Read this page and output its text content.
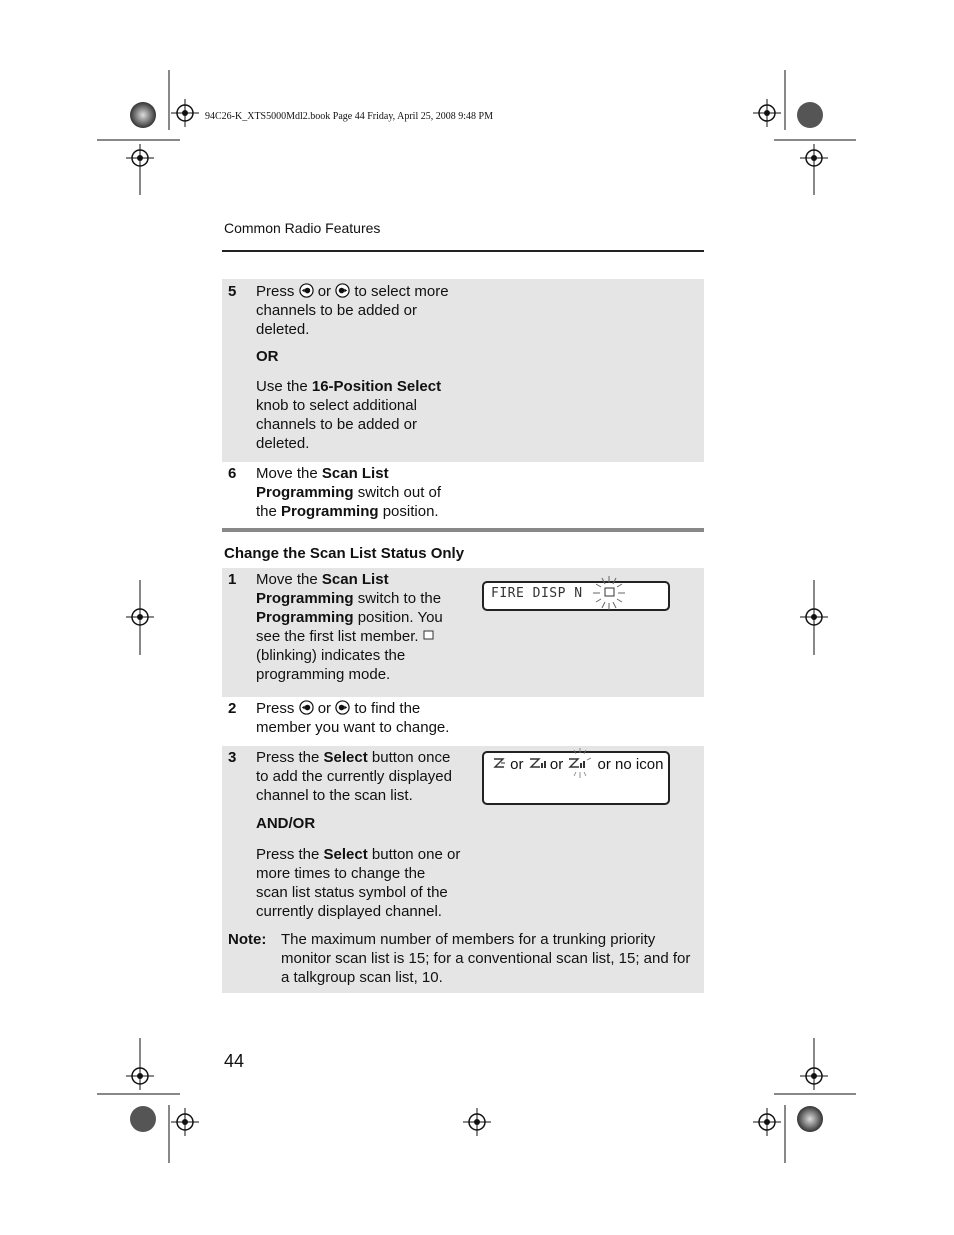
94C26-K_XTS5000Mdl2.book Page 44 Friday, April 25, 2008 9:48 PM
Common Radio Features
5 Press or to select more channels to be added or deleted.

OR

Use the 16-Position Select knob to select additional channels to be added or deleted.

6 Move the Scan List Programming switch out of the Programming position.

Change the Scan List Status Only
1 Move the Scan List Programming switch to the Programming position. You see the first list member.  (blinking) indicates the programming mode.

FIRE DISP N
2 Press or to find the member you want to change.

3 Press the Select button once to add the currently displayed channel to the scan list.

AND/OR

Press the Select button one or more times to change the scan list status symbol of the currently displayed channel.

or or or no icon
Note: The maximum number of members for a trunking priority monitor scan list is 15; for a conventional scan list, 15; and for a talkgroup scan list, 10.
44
